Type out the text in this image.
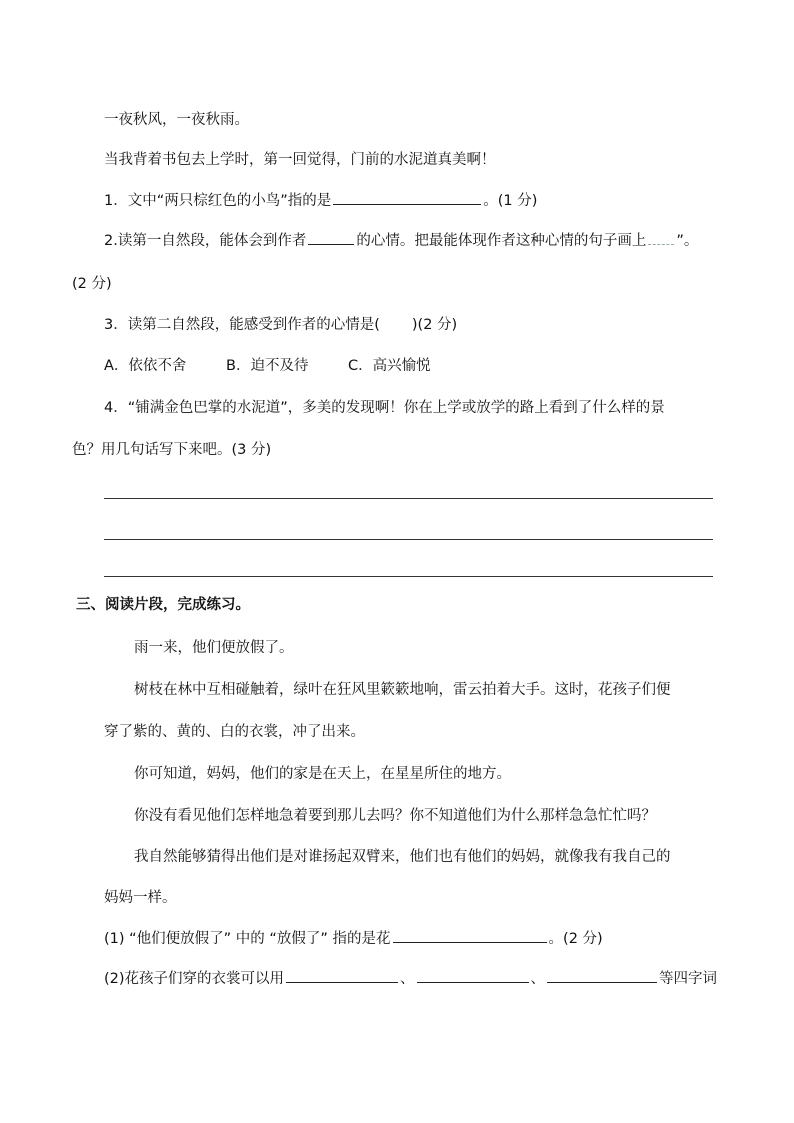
一夜秋风，一夜秋雨。
当我背着书包去上学时，第一回觉得，门前的水泥道真美啊！
1．文中“两只棕红色的小鸟”指的是	。(1 分)
2.读第一自然段，能体会到作者	的心情。把最能体现作者这种心情的句子画上 ”。
(2 分)
3．读第二自然段，能感受到作者的心情是( )(2 分)
A．依依不舍	B．迫不及待	C．高兴愉悦
4．“铺满金色巴掌的水泥道”，多美的发现啊！你在上学或放学的路上看到了什么样的景
色？用几句话写下来吧。(3 分)
三、阅读片段，完成练习。
雨一来，他们便放假了。
树枝在林中互相碰触着，绿叶在狂风里簌簌地响，雷云拍着大手。这时，花孩子们便
穿了紫的、黄的、白的衣裳，冲了出来。
你可知道，妈妈，他们的家是在天上，在星星所住的地方。
你没有看见他们怎样地急着要到那儿去吗？你不知道他们为什么那样急急忙忙吗？
我自然能够猜得出他们是对谁扬起双臂来，他们也有他们的妈妈，就像我有我自己的
妈妈一样。
(1) “他们便放假了” 中的 “放假了” 指的是花	。(2 分)
(2)花孩子们穿的衣裳可以用	、	、	等四字词
